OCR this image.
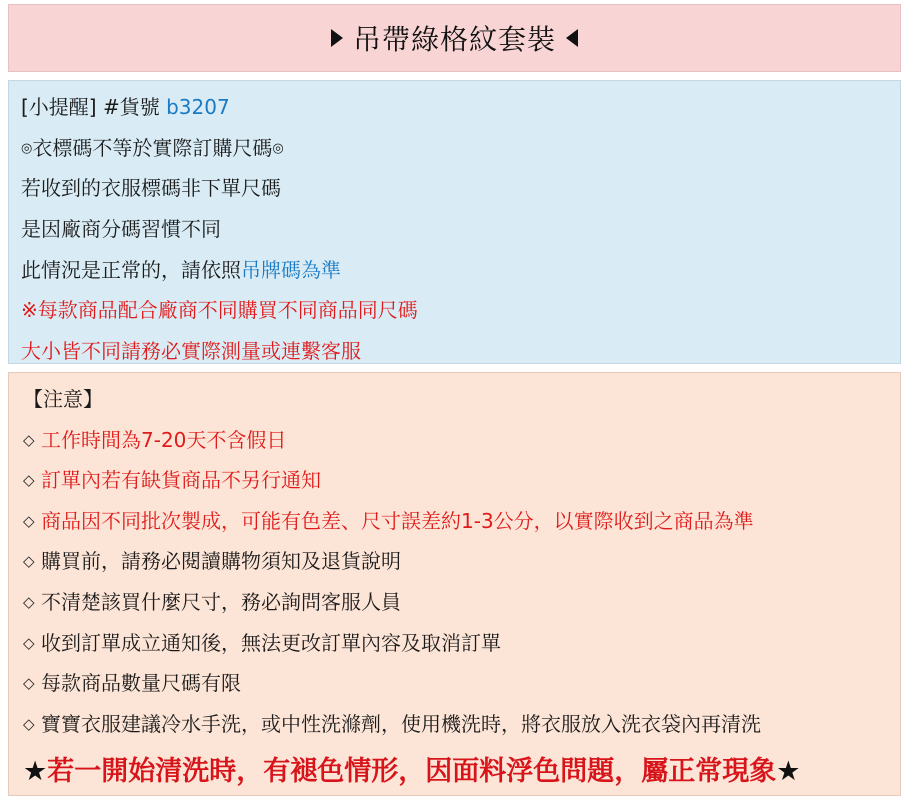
吊帶綠格紋套裝
[小提醒] #貨號 b3207
◎衣標碼不等於實際訂購尺碼◎
若收到的衣服標碼非下單尺碼
是因廠商分碼習慣不同
此情況是正常的，請依照吊牌碼為準
※每款商品配合廠商不同購買不同商品同尺碼
大小皆不同請務必實際測量或連繫客服
【注意】
◇ 工作時間為7-20天不含假日
◇ 訂單內若有缺貨商品不另行通知
◇ 商品因不同批次製成，可能有色差、尺寸誤差約1-3公分，以實際收到之商品為準
◇ 購買前，請務必閱讀購物須知及退貨說明
◇ 不清楚該買什麼尺寸，務必詢問客服人員
◇ 收到訂單成立通知後，無法更改訂單內容及取消訂單
◇ 每款商品數量尺碼有限
◇ 寶寶衣服建議冷水手洗，或中性洗滌劑，使用機洗時，將衣服放入洗衣袋內再清洗
★若一開始清洗時，有褪色情形，因面料浮色問題，屬正常現象★
